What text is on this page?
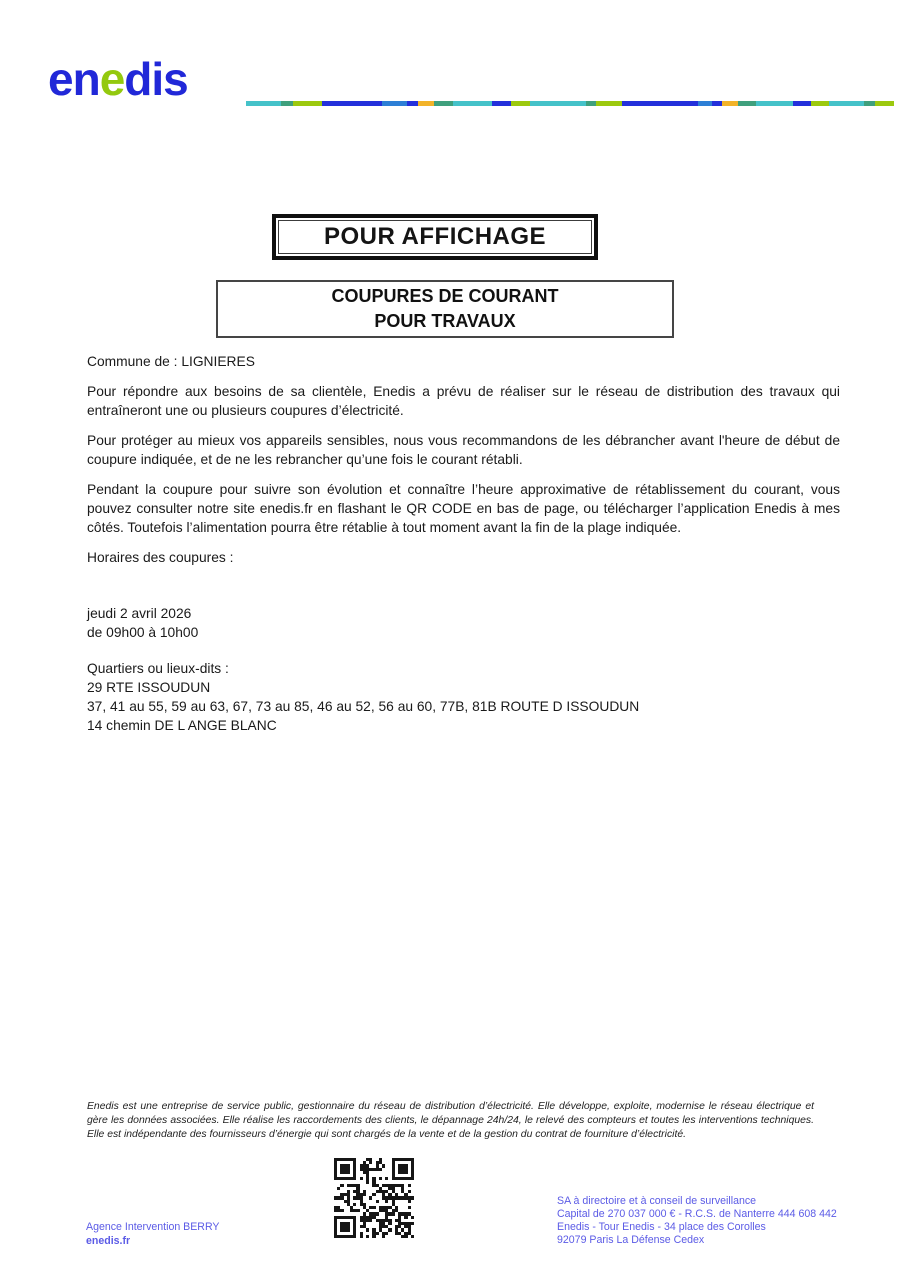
enedis
POUR AFFICHAGE
COUPURES DE COURANT
POUR TRAVAUX

Commune de : LIGNIERES

Pour répondre aux besoins de sa clientèle, Enedis a prévu de réaliser sur le réseau de distribution des travaux qui entraîneront une ou plusieurs coupures d’électricité.

Pour protéger au mieux vos appareils sensibles, nous vous recommandons de les débrancher avant l'heure de début de coupure indiquée, et de ne les rebrancher qu’une fois le courant rétabli.

Pendant la coupure pour suivre son évolution et connaître l’heure approximative de rétablissement du courant, vous pouvez consulter notre site enedis.fr en flashant le QR CODE en bas de page, ou télécharger l’application Enedis à mes côtés. Toutefois l’alimentation pourra être rétablie à tout moment avant la fin de la plage indiquée.

Horaires des coupures :

jeudi 2 avril 2026
de 09h00 à 10h00
Quartiers ou lieux-dits :
29 RTE ISSOUDUN
37, 41 au 55, 59 au 63, 67, 73 au 85, 46 au 52, 56 au 60, 77B, 81B ROUTE D ISSOUDUN
14 chemin DE L ANGE BLANC
Enedis est une entreprise de service public, gestionnaire du réseau de distribution d’électricité. Elle développe, exploite, modernise le réseau électrique et gère les données associées. Elle réalise les raccordements des clients, le dépannage 24h/24, le relevé des compteurs et toutes les interventions techniques. Elle est indépendante des fournisseurs d’énergie qui sont chargés de la vente et de la gestion du contrat de fourniture d’électricité.
Agence Intervention BERRY
enedis.fr
SA à directoire et à conseil de surveillance
Capital de 270 037 000 € - R.C.S. de Nanterre 444 608 442
Enedis - Tour Enedis - 34 place des Corolles
92079 Paris La Défense Cedex
